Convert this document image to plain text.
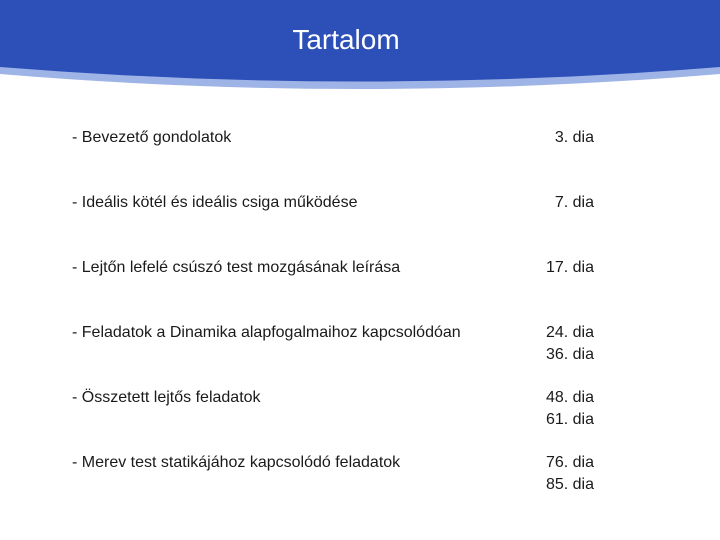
Tartalom
- Bevezető gondolatok	3. dia
- Ideális kötél és ideális csiga működése	7. dia
- Lejtőn lefelé csúszó test mozgásának leírása	17. dia
- Feladatok a Dinamika alapfogalmaihoz kapcsolódóan	24. dia
36. dia
- Összetett lejtős feladatok	48. dia
61. dia
- Merev test statikájához kapcsolódó feladatok	76. dia
85. dia
